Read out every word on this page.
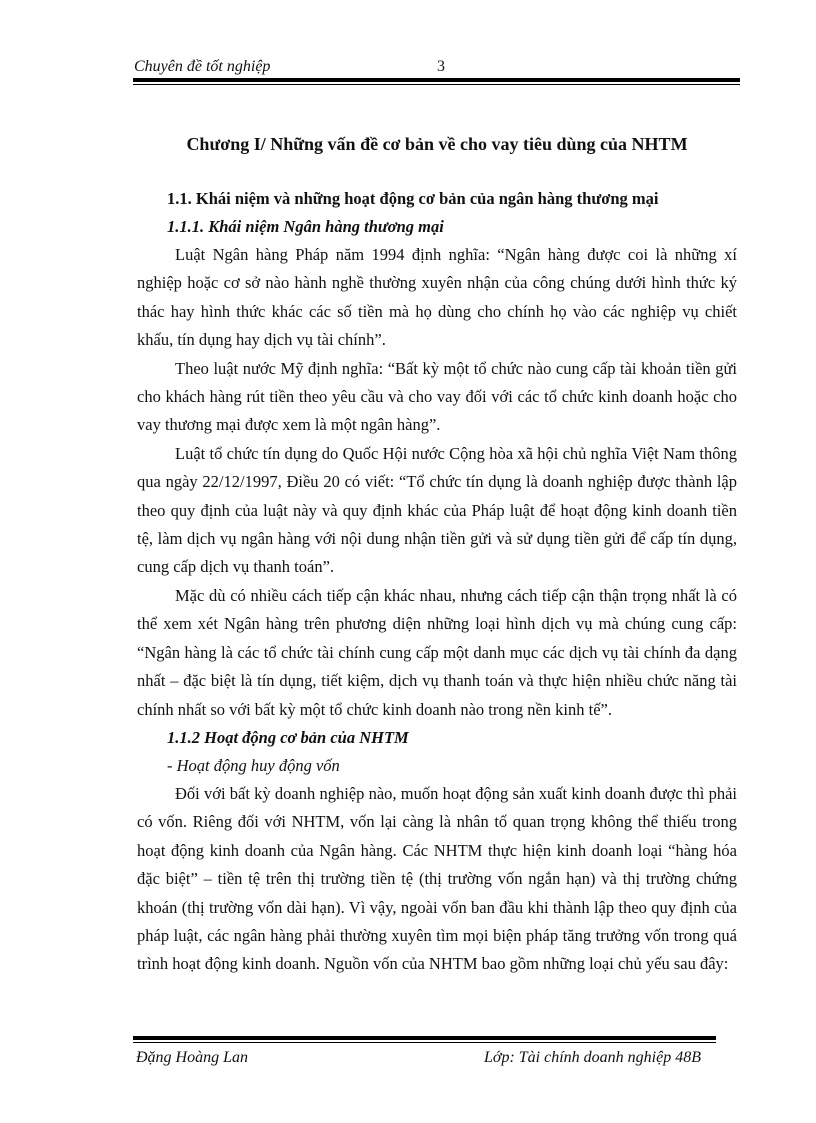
Chuyên đề tốt nghiệp	3

Chương I/ Những vấn đề cơ bản về cho vay tiêu dùng của NHTM

1.1. Khái niệm và những hoạt động cơ bản của ngân hàng thương mại

1.1.1. Khái niệm Ngân hàng thương mại

Luật Ngân hàng Pháp năm 1994 định nghĩa: “Ngân hàng được coi là những xí nghiệp hoặc cơ sở nào hành nghề thường xuyên nhận của công chúng dưới hình thức ký thác hay hình thức khác các số tiền mà họ dùng cho chính họ vào các nghiệp vụ chiết khấu, tín dụng hay dịch vụ tài chính”.

Theo luật nước Mỹ định nghĩa: “Bất kỳ một tổ chức nào cung cấp tài khoản tiền gửi cho khách hàng rút tiền theo yêu cầu và cho vay đối với các tổ chức kinh doanh hoặc cho vay thương mại được xem là một ngân hàng”.

Luật tổ chức tín dụng do Quốc Hội nước Cộng hòa xã hội chủ nghĩa Việt Nam thông qua ngày 22/12/1997, Điều 20 có viết: “Tổ chức tín dụng là doanh nghiệp được thành lập theo quy định của luật này và quy định khác của Pháp luật để hoạt động kinh doanh tiền tệ, làm dịch vụ ngân hàng với nội dung nhận tiền gửi và sử dụng tiền gửi để cấp tín dụng, cung cấp dịch vụ thanh toán”.

Mặc dù có nhiều cách tiếp cận khác nhau, nhưng cách tiếp cận thận trọng nhất là có thể xem xét Ngân hàng trên phương diện những loại hình dịch vụ mà chúng cung cấp: “Ngân hàng là các tổ chức tài chính cung cấp một danh mục các dịch vụ tài chính đa dạng nhất – đặc biệt là tín dụng, tiết kiệm, dịch vụ thanh toán và thực hiện nhiều chức năng tài chính nhất so với bất kỳ một tổ chức kinh doanh nào trong nền kinh tế”.

1.1.2 Hoạt động cơ bản của NHTM

- Hoạt động huy động vốn

Đối với bất kỳ doanh nghiệp nào, muốn hoạt động sản xuất kinh doanh được thì phải có vốn. Riêng đối với NHTM, vốn lại càng là nhân tố quan trọng không thể thiếu trong hoạt động kinh doanh của Ngân hàng. Các NHTM thực hiện kinh doanh loại “hàng hóa đặc biệt” – tiền tệ trên thị trường tiền tệ (thị trường vốn ngắn hạn) và thị trường chứng khoán (thị trường vốn dài hạn). Vì vậy, ngoài vốn ban đầu khi thành lập theo quy định của pháp luật, các ngân hàng phải thường xuyên tìm mọi biện pháp tăng trưởng vốn trong quá trình hoạt động kinh doanh. Nguồn vốn của NHTM bao gồm những loại chủ yếu sau đây:

Đặng Hoàng Lan	Lớp: Tài chính doanh nghiệp 48B
